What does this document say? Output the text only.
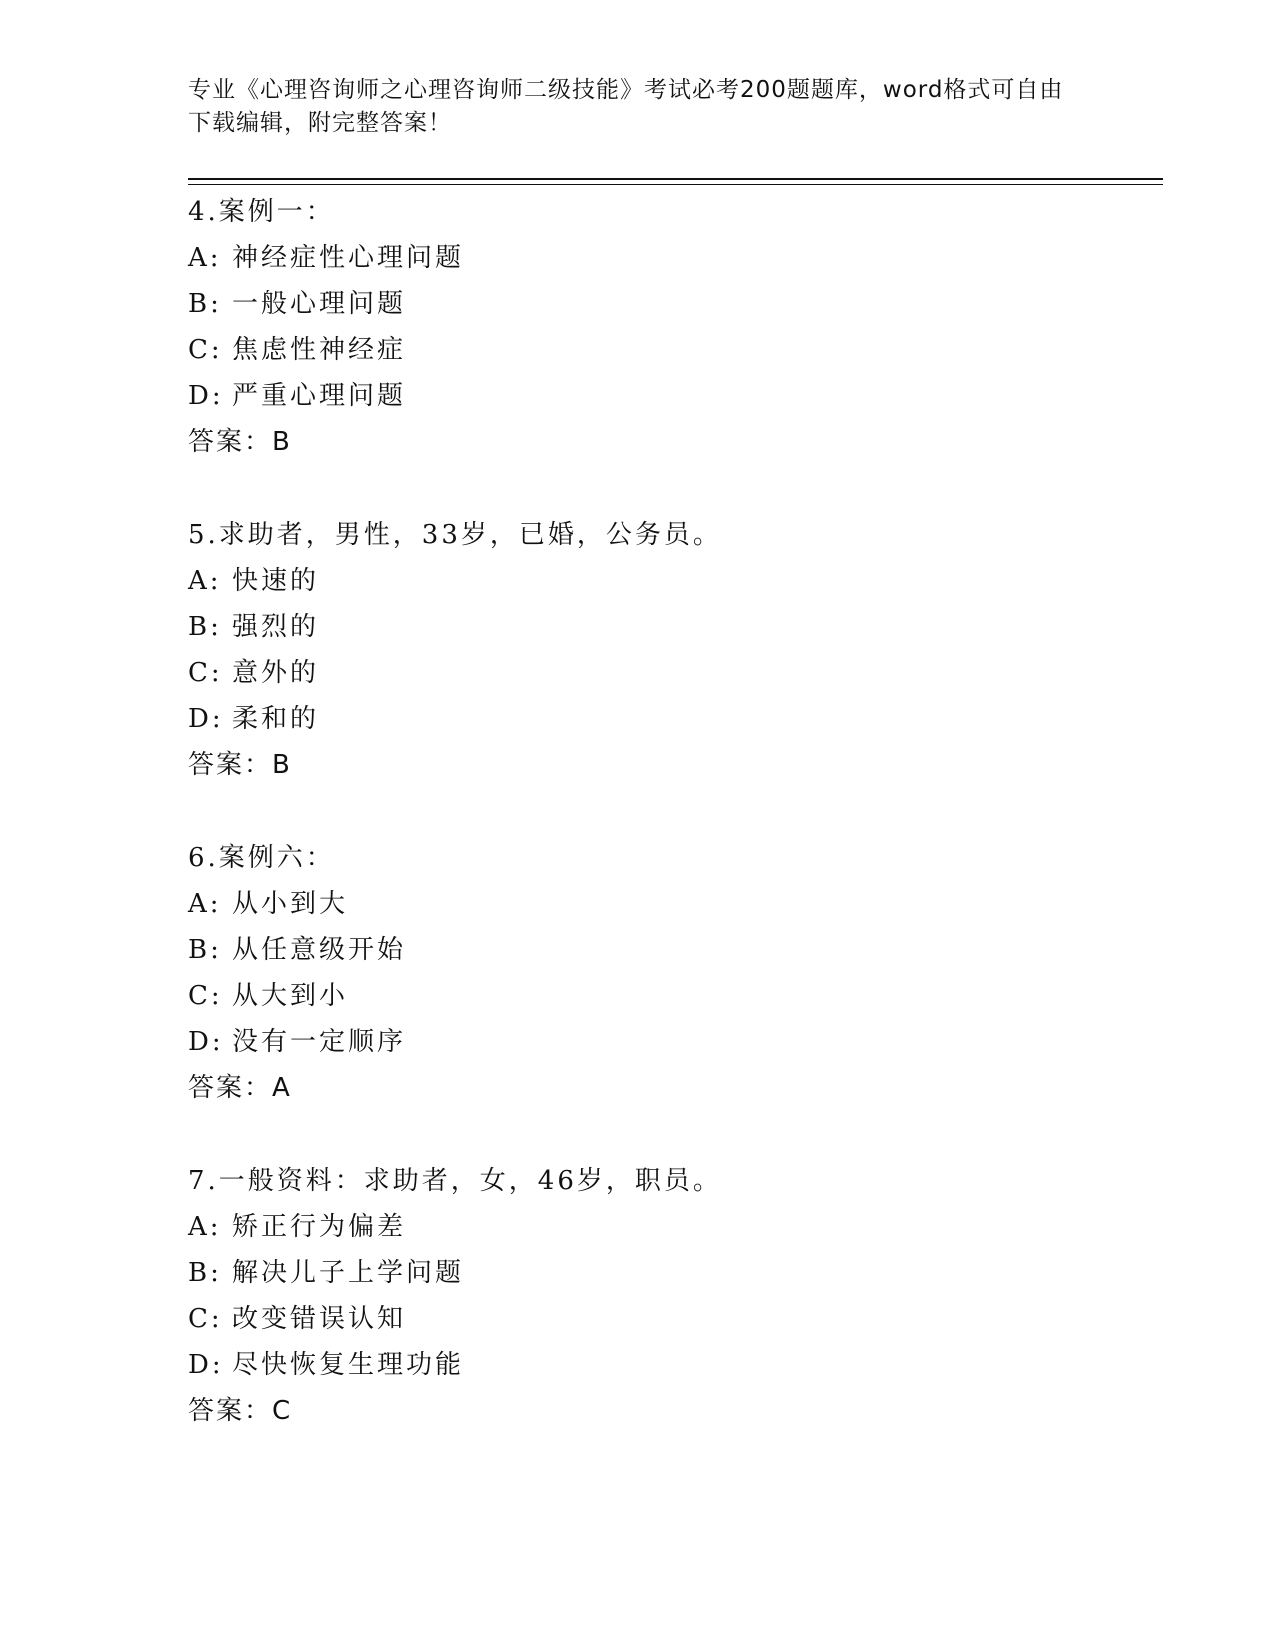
专业《心理咨询师之心理咨询师二级技能》考试必考200题题库，word格式可自由下载编辑，附完整答案！
4.案例一：
A: 神经症性心理问题
B: 一般心理问题
C: 焦虑性神经症
D: 严重心理问题
答案：B
5.求助者，男性，33岁，已婚，公务员。
A: 快速的
B: 强烈的
C: 意外的
D: 柔和的
答案：B
6.案例六：
A: 从小到大
B: 从任意级开始
C: 从大到小
D: 没有一定顺序
答案：A
7.一般资料：求助者，女，46岁，职员。
A: 矫正行为偏差
B: 解决儿子上学问题
C: 改变错误认知
D: 尽快恢复生理功能
答案：C
